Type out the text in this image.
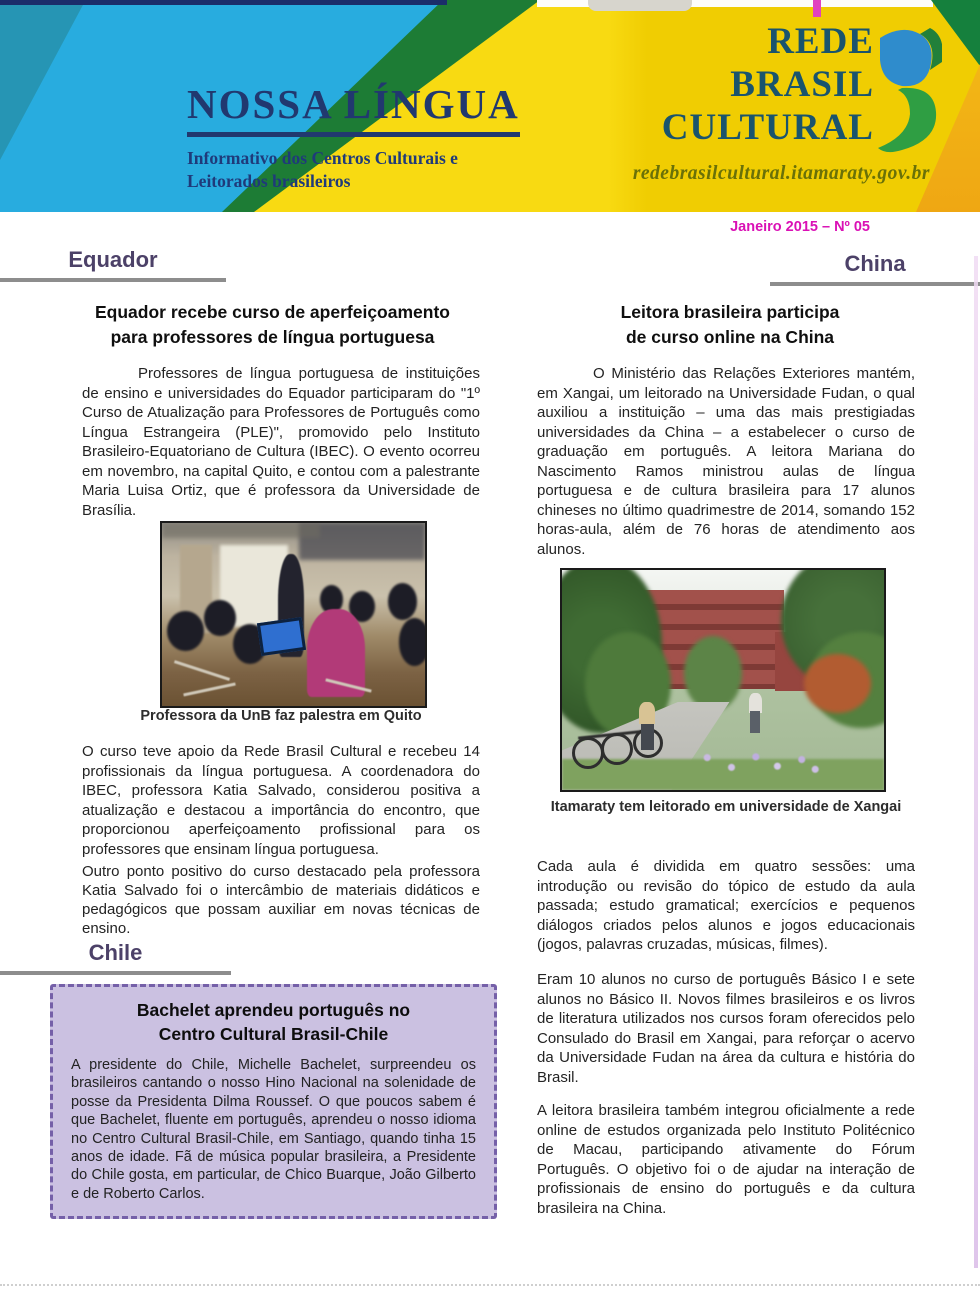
NOSSA LÍNGUA
Informativo dos Centros Culturais e
Leitorados brasileiros
REDE
BRASIL
CULTURAL
redebrasilcultural.itamaraty.gov.br
Janeiro 2015 – Nº 05
Equador
Equador recebe curso de aperfeiçoamento
para professores de língua portuguesa
Professores de língua portuguesa de instituições de ensino e universidades do Equador participaram do "1º Curso de Atualização para Professores de Português como Língua Estrangeira (PLE)", promovido pelo Instituto Brasileiro-Equatoriano de Cultura (IBEC). O evento ocorreu em novembro, na capital Quito, e contou com a palestrante Maria Luisa Ortiz, que é professora da Universidade de Brasília.
Professora da UnB faz palestra em Quito
O curso teve apoio da Rede Brasil Cultural e recebeu 14 profissionais da língua portuguesa. A coordenadora do IBEC, professora Katia Salvado, considerou positiva a atualização e destacou a importância do encontro, que proporcionou aperfeiçoamento profissional para os professores que ensinam língua portuguesa.
Outro ponto positivo do curso destacado pela professora Katia Salvado foi o intercâmbio de materiais didáticos e pedagógicos que possam auxiliar em novas técnicas de ensino.
Chile
Bachelet aprendeu português no
Centro Cultural Brasil-Chile
A presidente do Chile, Michelle Bachelet, surpreendeu os brasileiros cantando o nosso Hino Nacional na solenidade de posse da Presidenta Dilma Roussef. O que poucos sabem é que Bachelet, fluente em português, aprendeu o nosso idioma no Centro Cultural Brasil-Chile, em Santiago, quando tinha 15 anos de idade. Fã de música popular brasileira, a Presidente do Chile gosta, em particular, de Chico Buarque, João Gilberto e de Roberto Carlos.
China
Leitora brasileira participa
de curso online na China
O Ministério das Relações Exteriores mantém, em Xangai, um leitorado na Universidade Fudan, o qual auxiliou a instituição – uma das mais prestigiadas universidades da China – a estabelecer o curso de graduação em português. A leitora Mariana do Nascimento Ramos ministrou aulas de língua portuguesa e de cultura brasileira para 17 alunos chineses no último quadrimestre de 2014, somando 152 horas-aula, além de 76 horas de atendimento aos alunos.
Itamaraty tem leitorado em universidade de Xangai
Cada aula é dividida em quatro sessões: uma introdução ou revisão do tópico de estudo da aula passada; estudo gramatical; exercícios e pequenos diálogos criados pelos alunos e jogos educacionais (jogos, palavras cruzadas, músicas, filmes).
Eram 10 alunos no curso de português Básico I e sete alunos no Básico II. Novos filmes brasileiros e os livros de literatura utilizados nos cursos foram oferecidos pelo Consulado do Brasil em Xangai, para reforçar o acervo da Universidade Fudan na área da cultura e história do Brasil.
A leitora brasileira também integrou oficialmente a rede online de estudos organizada pelo Instituto Politécnico de Macau, participando ativamente do Fórum Português. O objetivo foi o de ajudar na interação de profissionais de ensino do português e da cultura brasileira na China.
